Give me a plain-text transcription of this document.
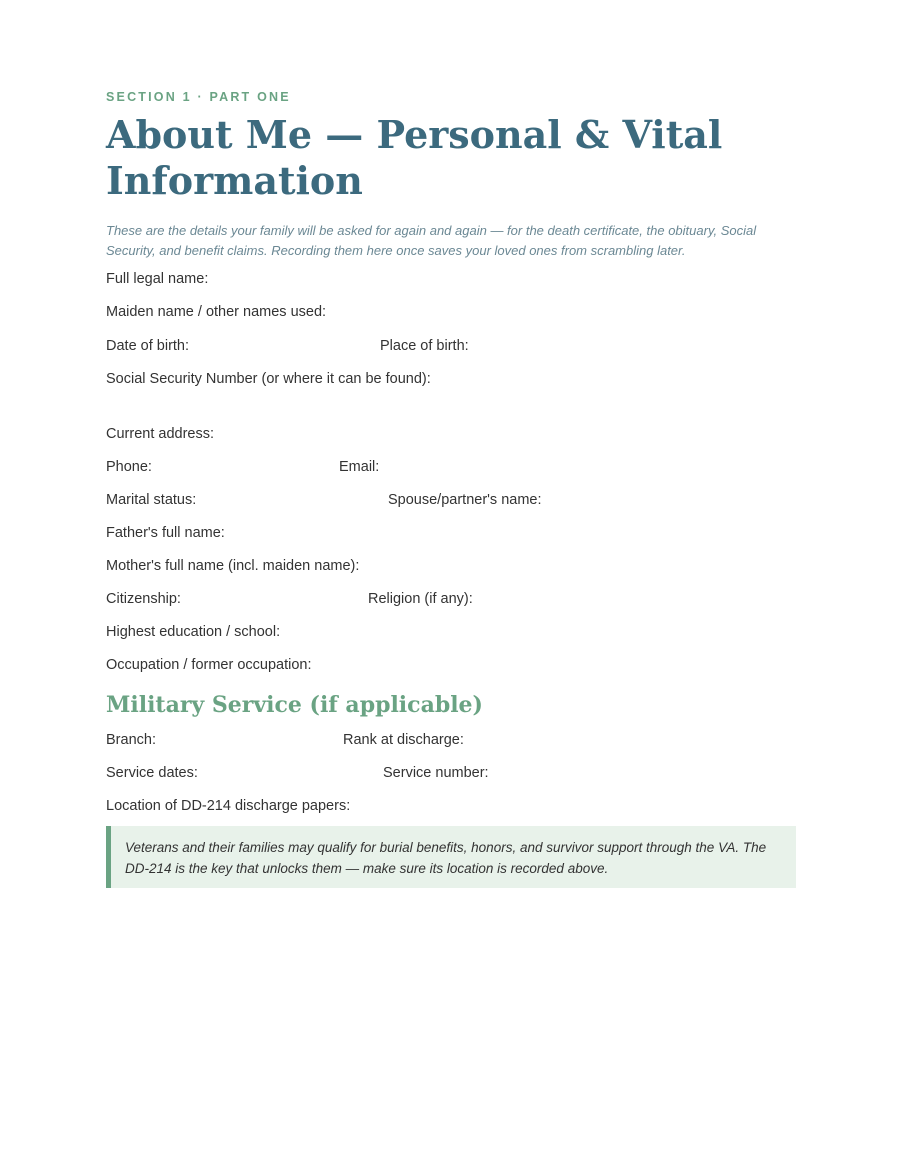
SECTION 1 · PART ONE
About Me — Personal & Vital Information

These are the details your family will be asked for again and again — for the death certificate, the obituary, Social Security, and benefit claims. Recording them here once saves your loved ones from scrambling later.

Full legal name:
Maiden name / other names used:
Date of birth:	Place of birth:
Social Security Number (or where it can be found):
Current address:
Phone:	Email:
Marital status:	Spouse/partner's name:
Father's full name:
Mother's full name (incl. maiden name):
Citizenship:	Religion (if any):
Highest education / school:
Occupation / former occupation:
Military Service (if applicable)
Branch:	Rank at discharge:
Service dates:	Service number:
Location of DD-214 discharge papers:
Veterans and their families may qualify for burial benefits, honors, and survivor support through the VA. The DD-214 is the key that unlocks them — make sure its location is recorded above.
